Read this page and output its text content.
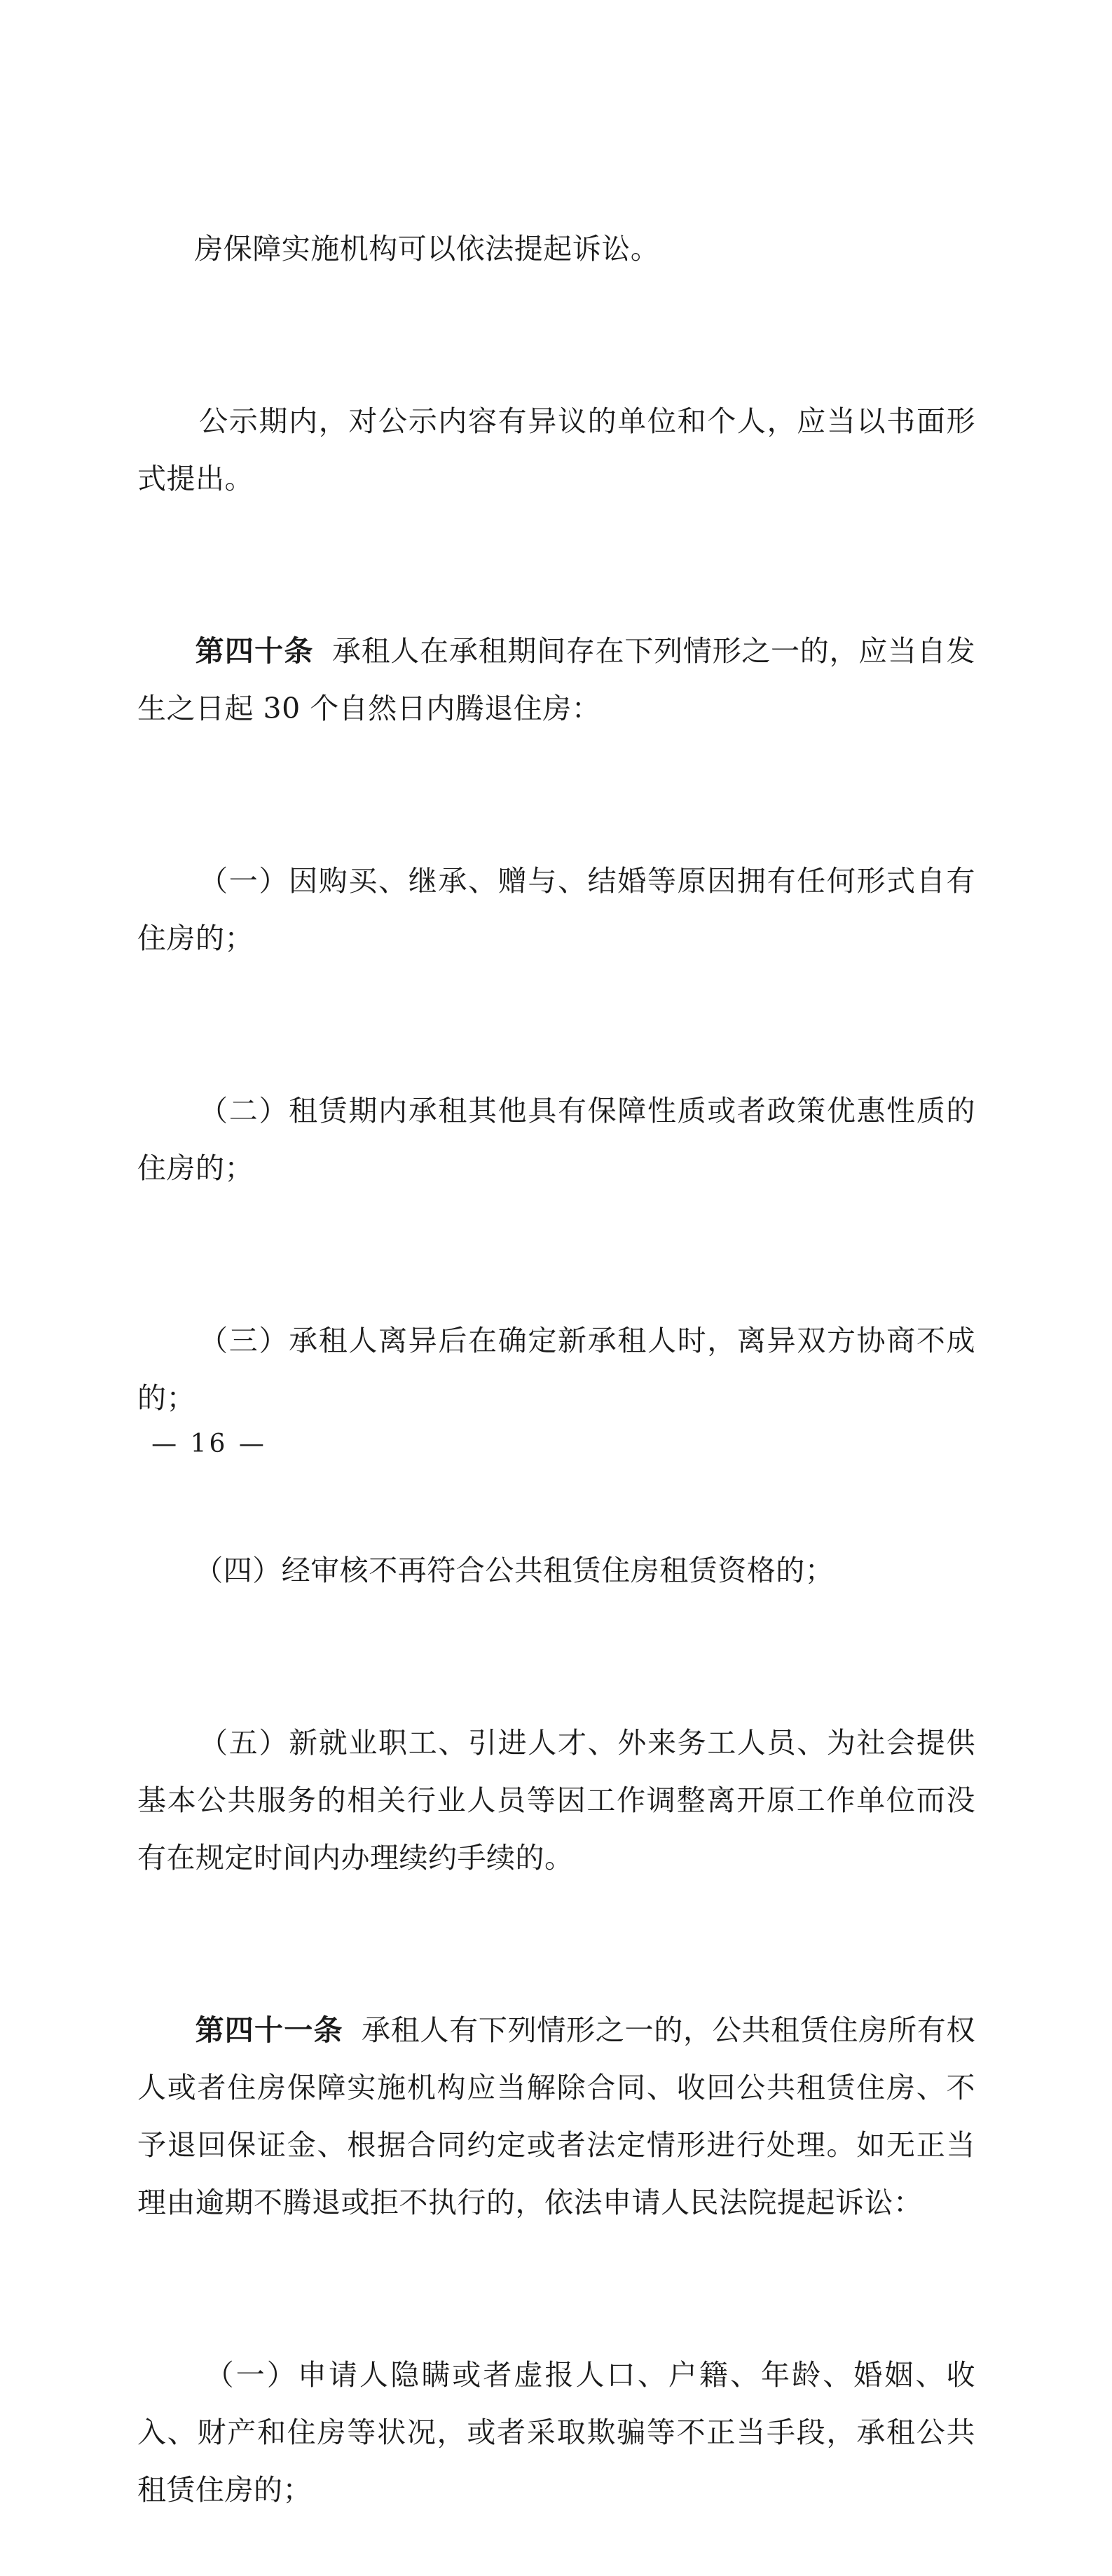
房保障实施机构可以依法提起诉讼。

公示期内，对公示内容有异议的单位和个人，应当以书面形式提出。

第四十条 承租人在承租期间存在下列情形之一的，应当自发生之日起 30 个自然日内腾退住房：

（一）因购买、继承、赠与、结婚等原因拥有任何形式自有住房的；

（二）租赁期内承租其他具有保障性质或者政策优惠性质的住房的；

（三）承租人离异后在确定新承租人时，离异双方协商不成的；

（四）经审核不再符合公共租赁住房租赁资格的；

（五）新就业职工、引进人才、外来务工人员、为社会提供基本公共服务的相关行业人员等因工作调整离开原工作单位而没有在规定时间内办理续约手续的。

第四十一条 承租人有下列情形之一的，公共租赁住房所有权人或者住房保障实施机构应当解除合同、收回公共租赁住房、不予退回保证金、根据合同约定或者法定情形进行处理。如无正当理由逾期不腾退或拒不执行的，依法申请人民法院提起诉讼：

（一）申请人隐瞒或者虚报人口、户籍、年龄、婚姻、收入、财产和住房等状况，或者采取欺骗等不正当手段，承租公共租赁住房的；

— 16 —
